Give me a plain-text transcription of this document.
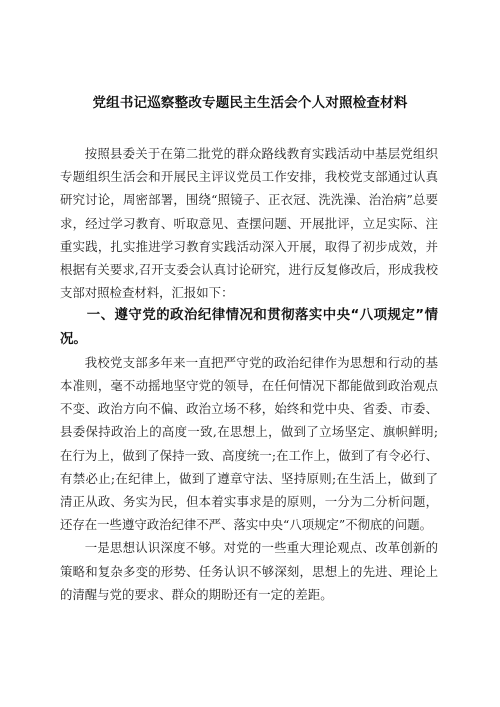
党组书记巡察整改专题民主生活会个人对照检查材料

按照县委关于在第二批党的群众路线教育实践活动中基层党组织专题组织生活会和开展民主评议党员工作安排，我校党支部通过认真研究讨论，周密部署，围绕“照镜子、正衣冠、洗洗澡、治治病”总要求，经过学习教育、听取意见、查摆问题、开展批评，立足实际、注重实践，扎实推进学习教育实践活动深入开展，取得了初步成效，并根据有关要求,召开支委会认真讨论研究，进行反复修改后，形成我校支部对照检查材料，汇报如下：

一、遵守党的政治纪律情况和贯彻落实中央“八项规定”情况。

我校党支部多年来一直把严守党的政治纪律作为思想和行动的基本准则，毫不动摇地坚守党的领导，在任何情况下都能做到政治观点不变、政治方向不偏、政治立场不移，始终和党中央、省委、市委、县委保持政治上的高度一致,在思想上，做到了立场坚定、旗帜鲜明;在行为上，做到了保持一致、高度统一;在工作上，做到了有令必行、有禁必止;在纪律上，做到了遵章守法、坚持原则;在生活上，做到了清正从政、务实为民，但本着实事求是的原则，一分为二分析问题，还存在一些遵守政治纪律不严、落实中央“八项规定”不彻底的问题。

一是思想认识深度不够。对党的一些重大理论观点、改革创新的策略和复杂多变的形势、任务认识不够深刻，思想上的先进、理论上的清醒与党的要求、群众的期盼还有一定的差距。
